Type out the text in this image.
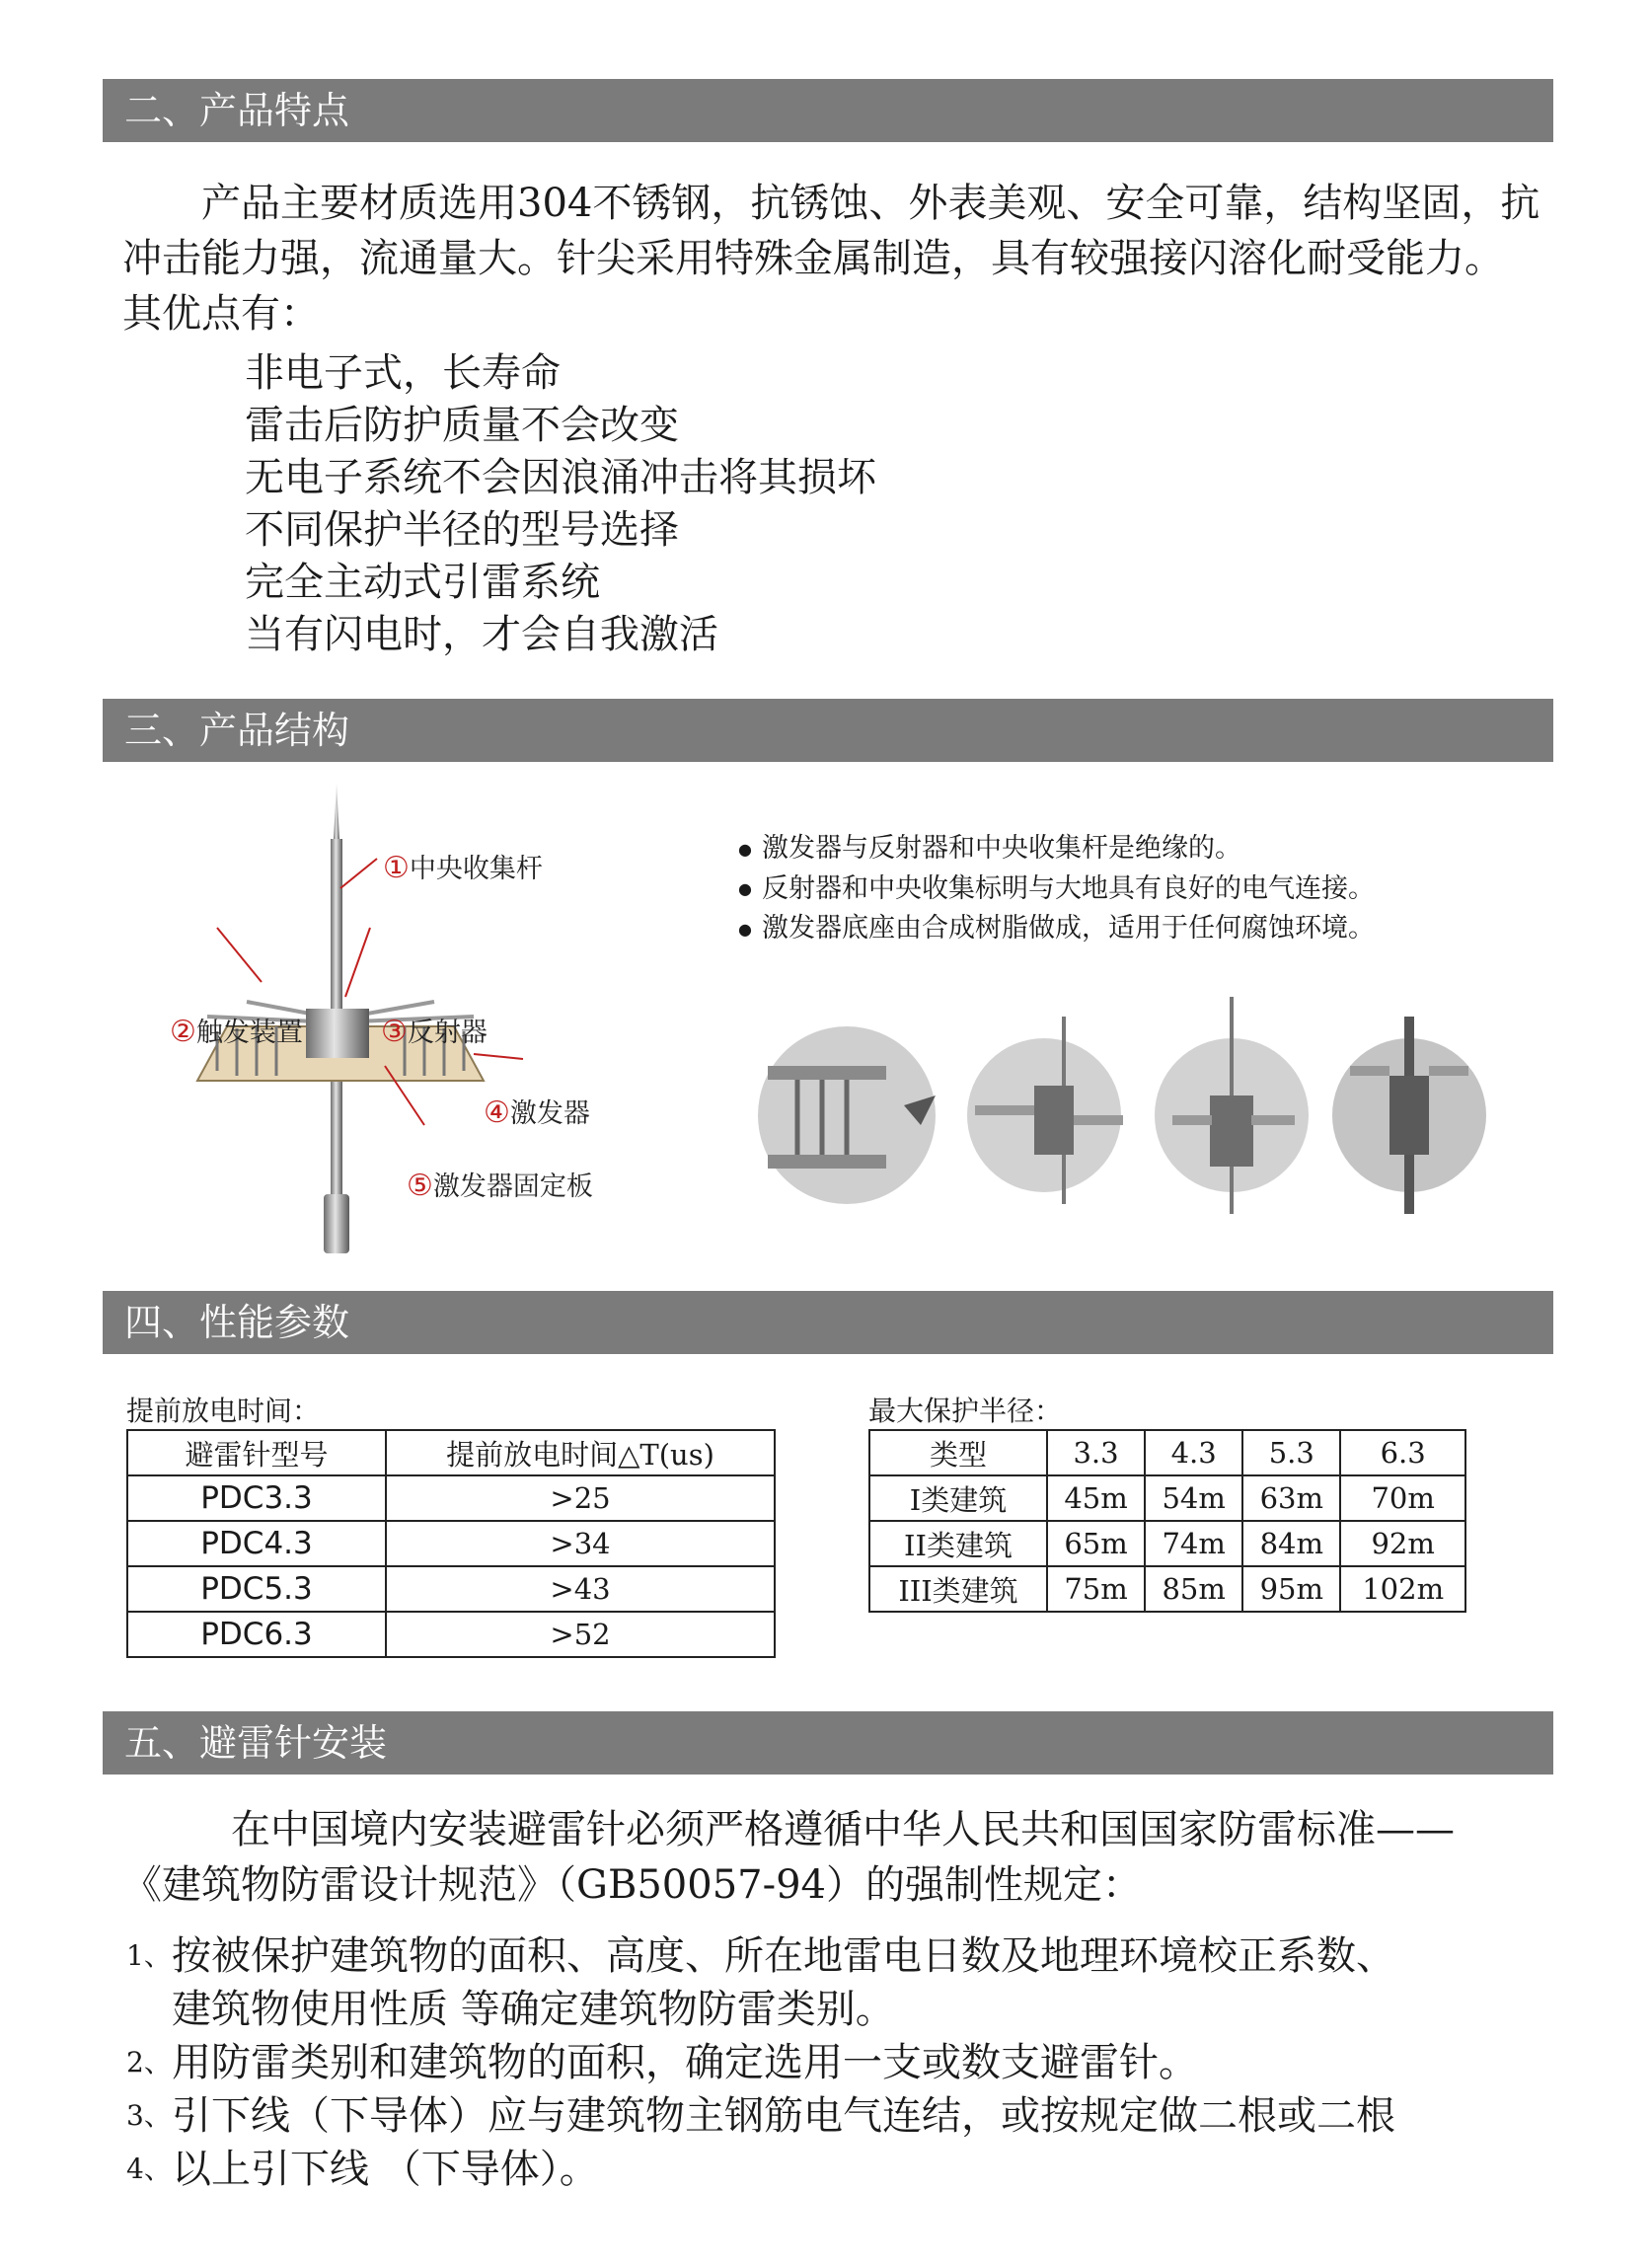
二、产品特点
产品主要材质选用304不锈钢，抗锈蚀、外表美观、安全可靠，结构坚固，抗冲击能力强，流通量大。针尖采用特殊金属制造，具有较强接闪溶化耐受能力。 其优点有：
非电子式，长寿命
雷击后防护质量不会改变
无电子系统不会因浪涌冲击将其损坏
不同保护半径的型号选择
完全主动式引雷系统
当有闪电时，才会自我激活
三、产品结构
①中央收集杆
②触发装置	③反射器
④激发器
⑤激发器固定板
● 激发器与反射器和中央收集杆是绝缘的。
● 反射器和中央收集标明与大地具有良好的电气连接。
● 激发器底座由合成树脂做成，适用于任何腐蚀环境。
四、性能参数
提前放电时间：
避雷针型号	提前放电时间△T(us)
PDC3.3	>25
PDC4.3	>34
PDC5.3	>43
PDC6.3	>52
最大保护半径：
类型	3.3	4.3	5.3	6.3
I类建筑	45m	54m	63m	70m
II类建筑	65m	74m	84m	92m
III类建筑	75m	85m	95m	102m
五、避雷针安装
在中国境内安装避雷针必须严格遵循中华人民共和国国家防雷标准——《建筑物防雷设计规范》（GB50057-94）的强制性规定：
1、按被保护建筑物的面积、高度、所在地雷电日数及地理环境校正系数、
建筑物使用性质 等确定建筑物防雷类别。
2、用防雷类别和建筑物的面积，确定选用一支或数支避雷针。
3、引下线（下导体）应与建筑物主钢筋电气连结，或按规定做二根或二根
4、以上引下线 （下导体）。
